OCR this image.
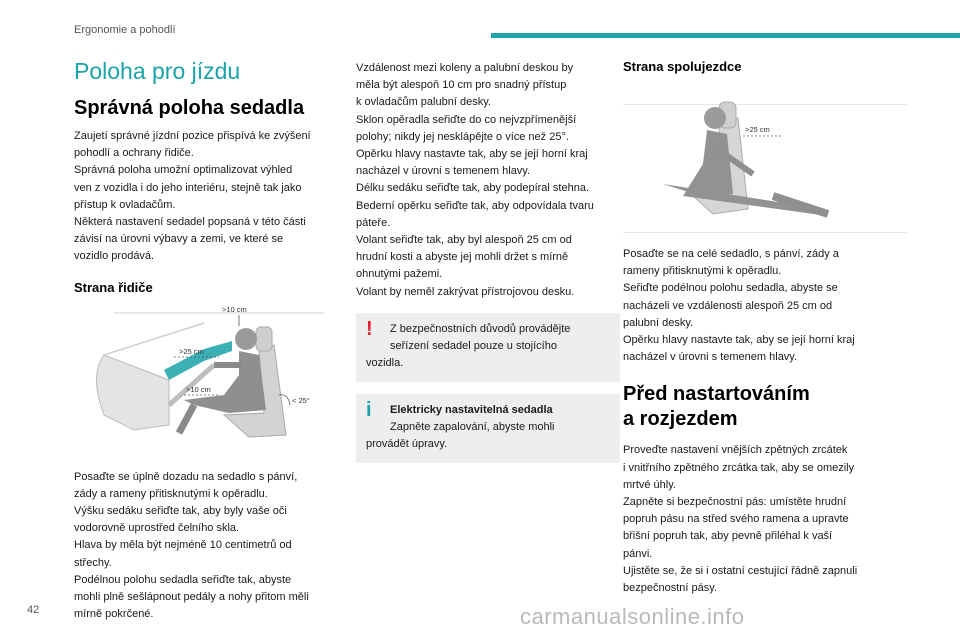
Ergonomie a pohodlí
Poloha pro jízdu
Správná poloha sedadla
Zaujetí správné jízdní pozice přispívá ke zvýšení
pohodlí a ochrany řidiče.
Správná poloha umožní optimalizovat výhled
ven z vozidla i do jeho interiéru, stejně tak jako
přístup k ovladačům.
Některá nastavení sedadel popsaná v této části
závisí na úrovni výbavy a zemi, ve které se
vozidlo prodává.
Strana řidiče
>10 cm
>25 cm
>10 cm
< 25°
Posaďte se úplně dozadu na sedadlo s pánví,
zády a rameny přitisknutými k opěradlu.
Výšku sedáku seřiďte tak, aby byly vaše oči
vodorovně uprostřed čelního skla.
Hlava by měla být nejméně 10 centimetrů od
střechy.
Podélnou polohu sedadla seřiďte tak, abyste
mohli plně sešlápnout pedály a nohy přitom měli
mírně pokrčené.
Vzdálenost mezi koleny a palubní deskou by
měla být alespoň 10 cm pro snadný přístup
k ovladačům palubní desky.
Sklon opěradla seřiďte do co nejvzpřímenější
polohy; nikdy jej nesklápějte o více než 25°.
Opěrku hlavy nastavte tak, aby se její horní kraj
nacházel v úrovni s temenem hlavy.
Délku sedáku seřiďte tak, aby podepíral stehna.
Bederní opěrku seřiďte tak, aby odpovídala tvaru
páteře.
Volant seřiďte tak, aby byl alespoň 25 cm od
hrudní kosti a abyste jej mohli držet s mírně
ohnutými pažemi.
Volant by neměl zakrývat přístrojovou desku.
! Z bezpečnostních důvodů provádějte
seřízení sedadel pouze u stojícího
vozidla.
i Elektricky nastavitelná sedadla
Zapněte zapalování, abyste mohli
provádět úpravy.
Strana spolujezdce
>25 cm
Posaďte se na celé sedadlo, s pánví, zády a
rameny přitisknutými k opěradlu.
Seřiďte podélnou polohu sedadla, abyste se
nacházeli ve vzdálenosti alespoň 25 cm od
palubní desky.
Opěrku hlavy nastavte tak, aby se její horní kraj
nacházel v úrovni s temenem hlavy.
Před nastartováním
a rozjezdem
Proveďte nastavení vnějších zpětných zrcátek
i vnitřního zpětného zrcátka tak, aby se omezily
mrtvé úhly.
Zapněte si bezpečnostní pás: umístěte hrudní
popruh pásu na střed svého ramena a upravte
břišní popruh tak, aby pevně přiléhal k vaší
pánvi.
Ujistěte se, že si i ostatní cestující řádně zapnuli
bezpečnostní pásy.
42	carmanualsonline.info
